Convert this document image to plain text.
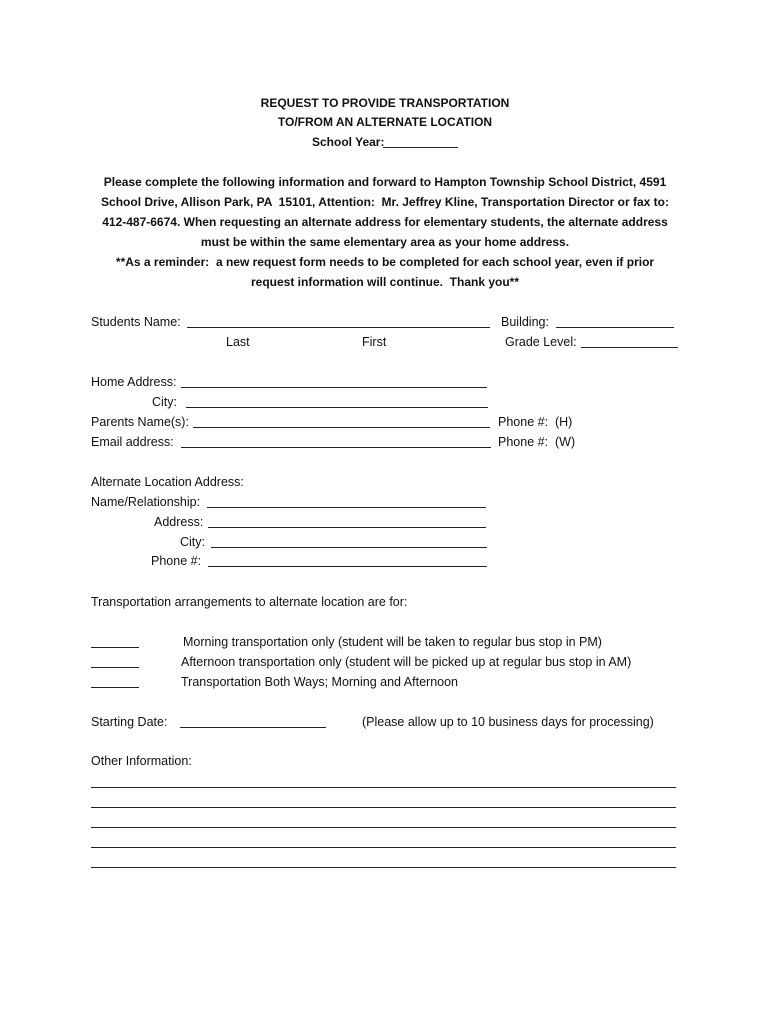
REQUEST TO PROVIDE TRANSPORTATION
TO/FROM AN ALTERNATE LOCATION
School Year:
Please complete the following information and forward to Hampton Township School District, 4591
School Drive, Allison Park, PA  15101, Attention:  Mr. Jeffrey Kline, Transportation Director or fax to:
412-487-6674. When requesting an alternate address for elementary students, the alternate address
must be within the same elementary area as your home address.
**As a reminder:  a new request form needs to be completed for each school year, even if prior
request information will continue.  Thank you**
Students Name:	Building:
Last	First	Grade Level:
Home Address:
City:
Parents Name(s):	Phone #:  (H)
Email address:	Phone #:  (W)
Alternate Location Address:
Name/Relationship:
Address:
City:
Phone #:
Transportation arrangements to alternate location are for:
Morning transportation only (student will be taken to regular bus stop in PM)
Afternoon transportation only (student will be picked up at regular bus stop in AM)
Transportation Both Ways; Morning and Afternoon
Starting Date:	(Please allow up to 10 business days for processing)
Other Information:
